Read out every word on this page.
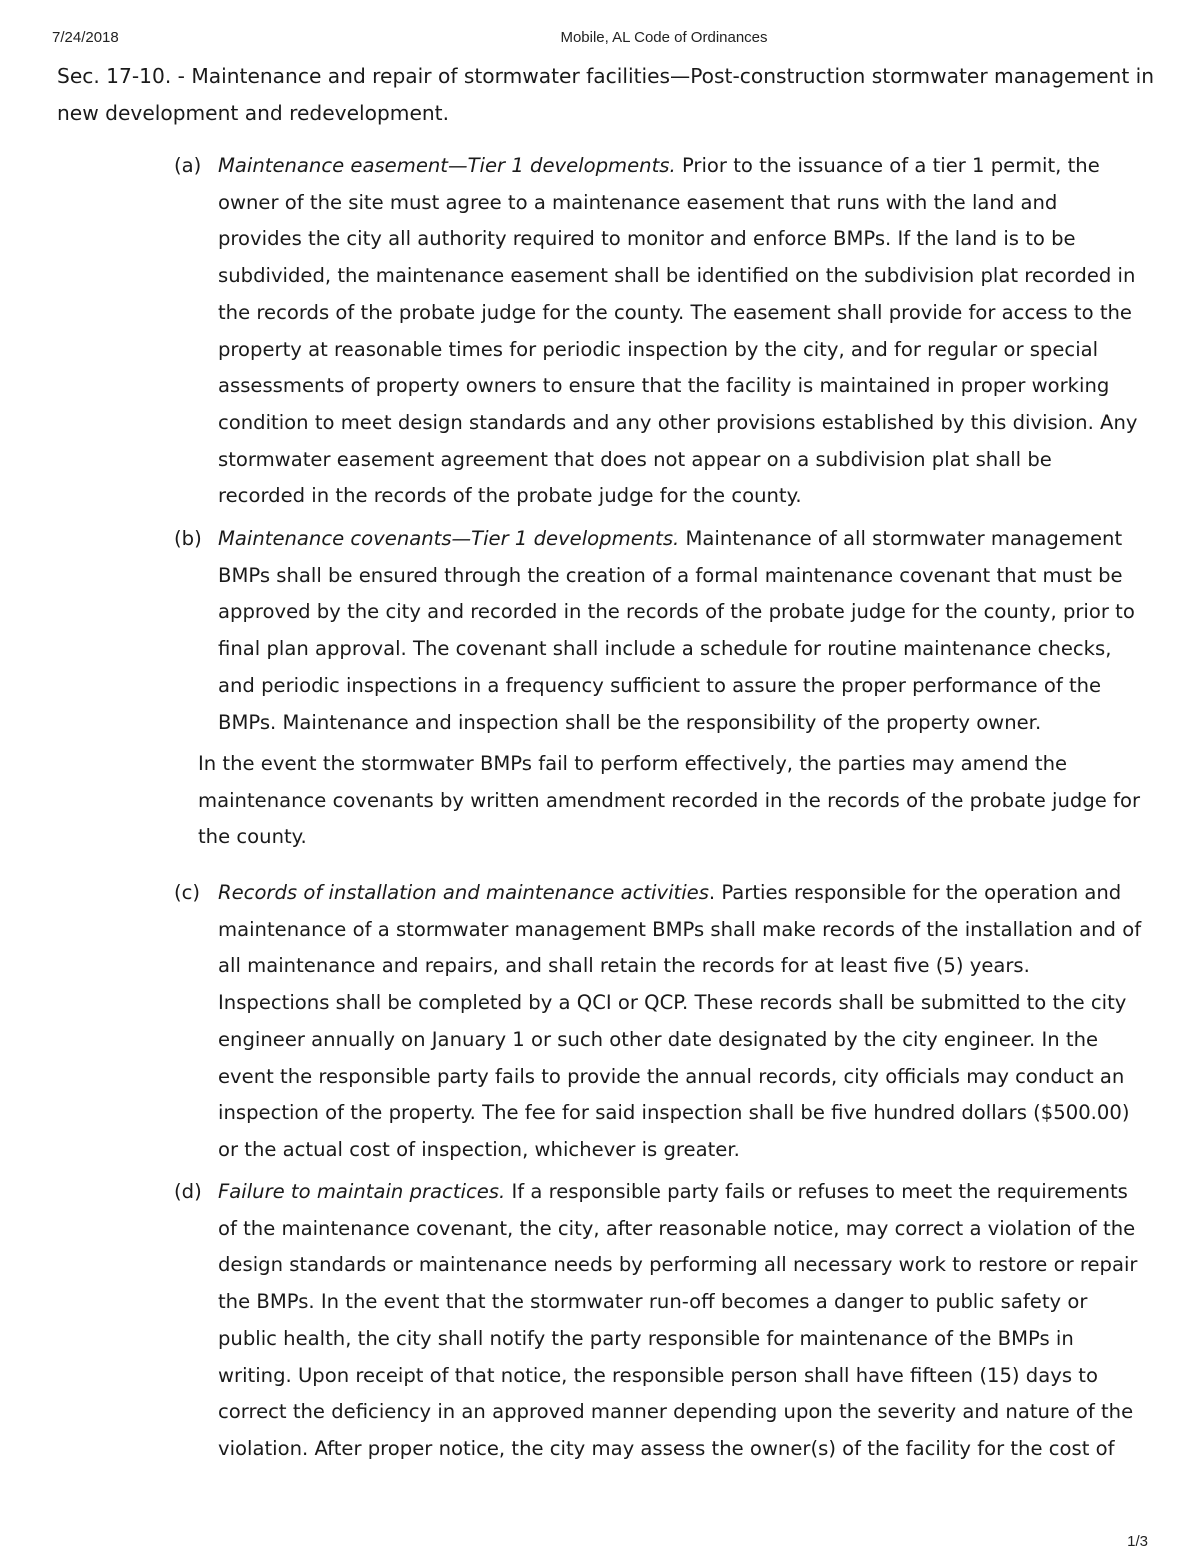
7/24/2018	Mobile, AL Code of Ordinances
Sec. 17-10. - Maintenance and repair of stormwater facilities—Post-construction stormwater management in new development and redevelopment.

(a) Maintenance easement—Tier 1 developments. Prior to the issuance of a tier 1 permit, the owner of the site must agree to a maintenance easement that runs with the land and provides the city all authority required to monitor and enforce BMPs. If the land is to be subdivided, the maintenance easement shall be identified on the subdivision plat recorded in the records of the probate judge for the county. The easement shall provide for access to the property at reasonable times for periodic inspection by the city, and for regular or special assessments of property owners to ensure that the facility is maintained in proper working condition to meet design standards and any other provisions established by this division. Any stormwater easement agreement that does not appear on a subdivision plat shall be recorded in the records of the probate judge for the county.

(b) Maintenance covenants—Tier 1 developments. Maintenance of all stormwater management BMPs shall be ensured through the creation of a formal maintenance covenant that must be approved by the city and recorded in the records of the probate judge for the county, prior to final plan approval. The covenant shall include a schedule for routine maintenance checks, and periodic inspections in a frequency sufficient to assure the proper performance of the BMPs. Maintenance and inspection shall be the responsibility of the property owner.

In the event the stormwater BMPs fail to perform effectively, the parties may amend the maintenance covenants by written amendment recorded in the records of the probate judge for the county.

(c) Records of installation and maintenance activities. Parties responsible for the operation and maintenance of a stormwater management BMPs shall make records of the installation and of all maintenance and repairs, and shall retain the records for at least five (5) years. Inspections shall be completed by a QCI or QCP. These records shall be submitted to the city engineer annually on January 1 or such other date designated by the city engineer. In the event the responsible party fails to provide the annual records, city officials may conduct an inspection of the property. The fee for said inspection shall be five hundred dollars ($500.00) or the actual cost of inspection, whichever is greater.

(d) Failure to maintain practices. If a responsible party fails or refuses to meet the requirements of the maintenance covenant, the city, after reasonable notice, may correct a violation of the design standards or maintenance needs by performing all necessary work to restore or repair the BMPs. In the event that the stormwater run-off becomes a danger to public safety or public health, the city shall notify the party responsible for maintenance of the BMPs in writing. Upon receipt of that notice, the responsible person shall have fifteen (15) days to correct the deficiency in an approved manner depending upon the severity and nature of the violation. After proper notice, the city may assess the owner(s) of the facility for the cost of

1/3
